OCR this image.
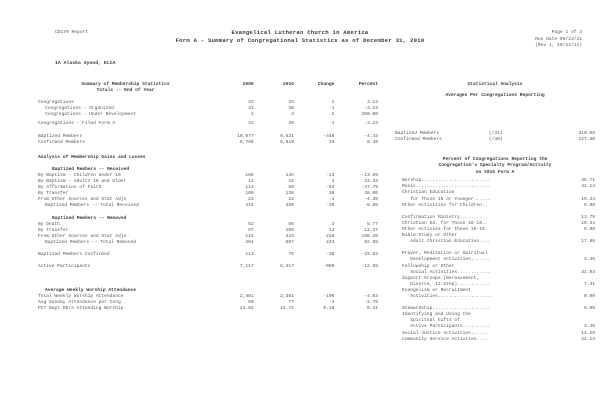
CD170 Report	Evangelical Lutheran Church in America
Form A - Summary of Congregational Statistics as of December 31, 2010
Page 1 of 3
Run Date 09/23/11
(Rev 1, 10/22/11)
1A Alaska Synod, ELCA
Summary of Membership Statistics	2009	2010	Change	Percent
Totals -- End of Year				

Congregations	32	33	1	3.13
Congregations - Organized	31	30	-1	-3.23
Congregations - Under Development	1	3	2	200.00

Congregations - Filed Form A	31	30	-1	-3.23

Baptized Members	10,077	9,631	-446	-4.43
Confirmed Members	6,786	6,819	33	0.49

Analysis of Membership Gains and Losses				

Baptized Members -- Received				
By Baptism - Children Under 16	168	145	-23	-13.69
By Baptism - Adults 16 and Older	12	16	4	33.33
By Affirmation of Faith	113	59	-54	-47.79
By Transfer	100	138	38	38.00
From Other Sources and Stat Adjs	23	22	-1	-4.35
Baptized Members -- Total Received	416	380	-36	-8.65

Baptized Members -- Removed				
By Death	52	55	3	5.77
By Transfer	97	109	12	12.37
From Other Sources and Stat Adjs	115	343	228	198.26
Baptized Members -- Total Removed	264	507	243	92.05

Baptized Members Confirmed	113	75	-38	-33.63

Active Participants	7,117	6,217	-900	-12.65

Average Weekly Worship Attendance				
Total Weekly Worship Attendance	2,481	2,381	-100	-4.03
Avg Sunday Attendance per Cong	80	77	-3	-3.75
PCT Bapt Mbrs Attending Worship	24.62	24.72	0.10	0.41
Statistical Analysis
Averages Per Congregations Reporting
Baptized Members	(/31)	310.68
Confirmed Members	(/30)	227.30
Percent of Congregations Reporting the
Congregation's Specialty Program/Activity
on 2010 Form A
Worship.........................	35.71
Music...........................	32.14
Christian Education	
for Those 15 or Younger......	10.34
Other Activities for Children..	6.90

Confirmation Ministry..........	13.79
Christian Ed. for Those 16-19..	10.34
Other Activies for those 16-19.	6.90
Bible Study or Other	
Adult Christian Education....	17.86

Prayer, Meditation or Spiritual	
Development Activities.......	3.45
Fellowship or Other	
Social Activities............	31.03
Support Groups (Bereavement,	
Divorce, 12-Step)............	7.41
Evangelism or Recruitment	
Activities....................	0.00

Stewardship.....................	0.00
Identifying and Using the	
Spiritual Gifts of	
Active Participants..........	3.45
Social Justice Activities......	14.29
Community Service Activites....	24.14
